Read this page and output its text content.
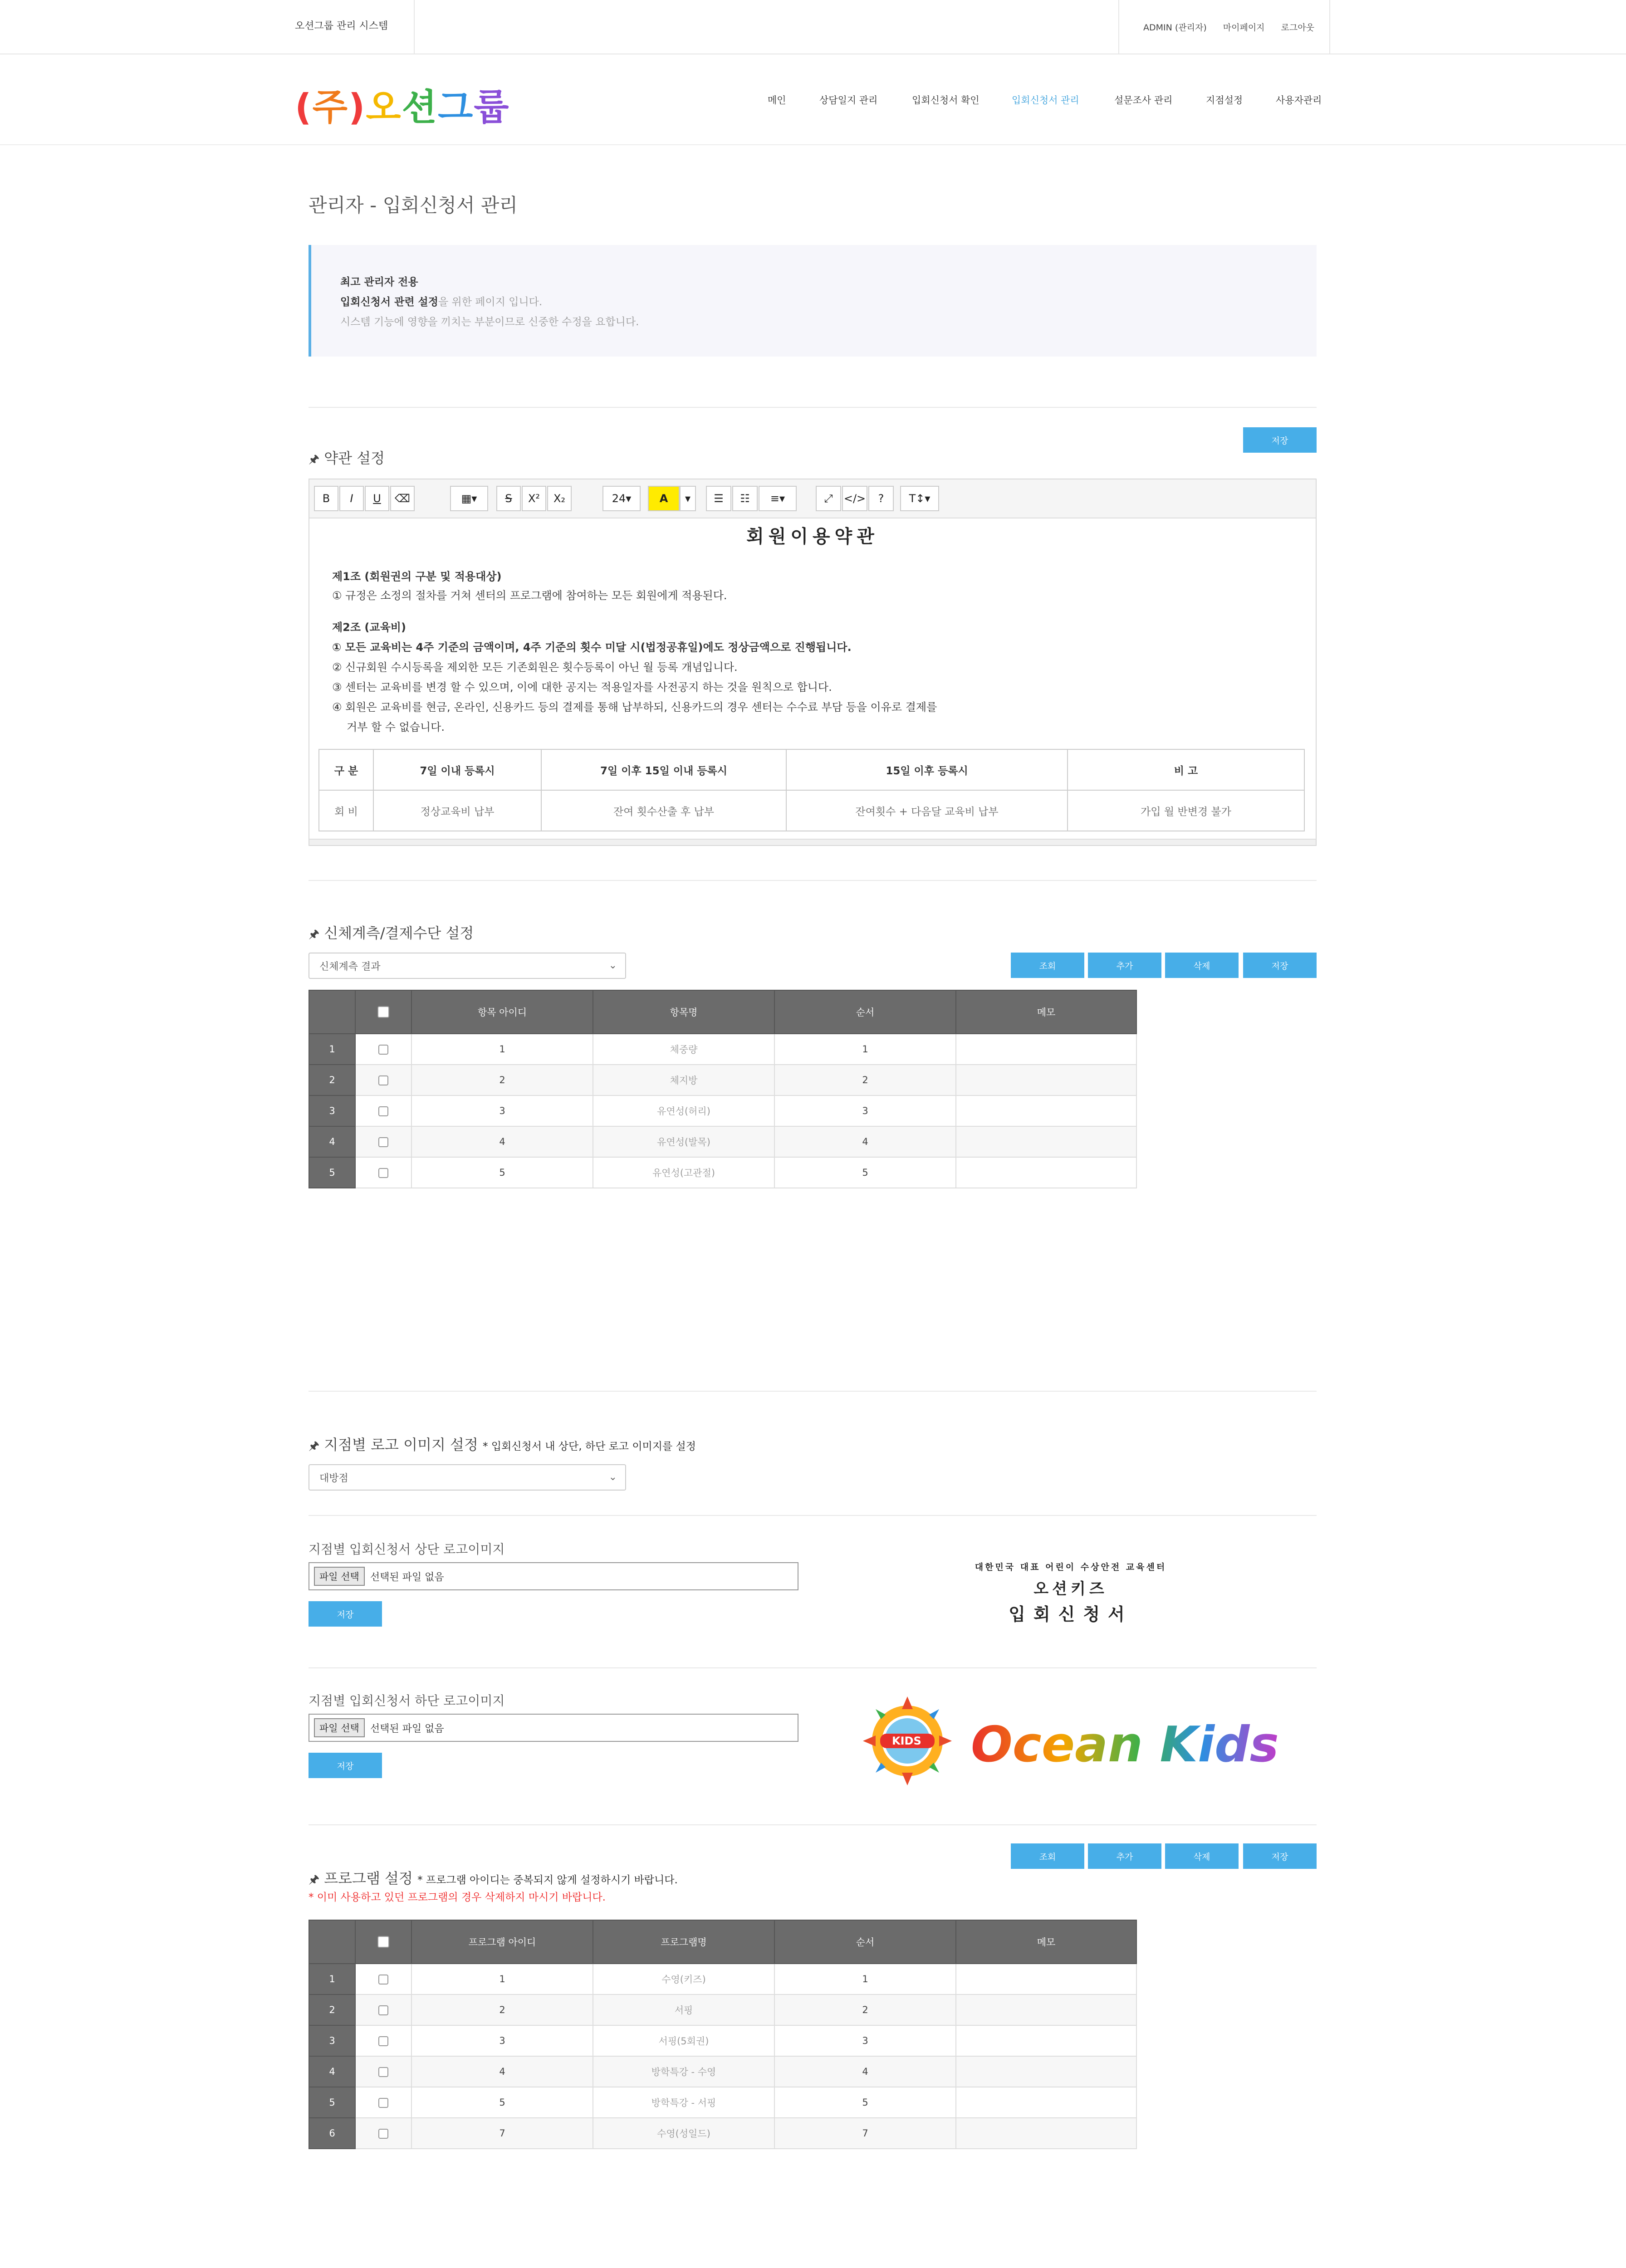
오션그룹 관리 시스템	ADMIN (관리자) 마이페이지 로그아웃
(주)오션그룹	메인	상담일지 관리	입회신청서 확인	입회신청서 관리	설문조사 관리	지점설정	사용자관리
관리자 - 입회신청서 관리
최고 관리자 전용
입회신청서 관련 설정을 위한 페이지 입니다.
시스템 기능에 영향을 끼치는 부분이므로 신중한 수정을 요합니다.
저장
🖈 약관 설정
B	I	U	⌫	▦▾	S	X²	X₂	24▾	A	▾	☰	☷	≡▾	⤢	</>	?	T↕▾
회원이용약관
제1조 (회원권의 구분 및 적용대상)
① 규정은 소정의 절차를 거쳐 센터의 프로그램에 참여하는 모든 회원에게 적용된다.
제2조 (교육비)
① 모든 교육비는 4주 기준의 금액이며, 4주 기준의 횟수 미달 시(법정공휴일)에도 정상금액으로 진행됩니다.
② 신규회원 수시등록을 제외한 모든 기존회원은 횟수등록이 아닌 월 등록 개념입니다.
③ 센터는 교육비를 변경 할 수 있으며, 이에 대한 공지는 적용일자를 사전공지 하는 것을 원칙으로 합니다.
④ 회원은 교육비를 현금, 온라인, 신용카드 등의 결제를 통해 납부하되, 신용카드의 경우 센터는 수수료 부담 등을 이유로 결제를
거부 할 수 없습니다.
구 분	7일 이내 등록시	7일 이후 15일 이내 등록시	15일 이후 등록시	비 고
회 비	정상교육비 납부	잔여 횟수산출 후 납부	잔여횟수 + 다음달 교육비 납부	가입 월 반변경 불가
🖈 신체계측/결제수단 설정
신체계측 결과	⌄	조회	추가	삭제	저장
		항목 아이디	항목명	순서	메모
1		1	체중량	1	
2		2	체지방	2	
3		3	유연성(허리)	3	
4		4	유연성(발목)	4	
5		5	유연성(고관절)	5	
🖈 지점별 로고 이미지 설정 * 입회신청서 내 상단, 하단 로고 이미지를 설정
대방점	⌄
지점별 입회신청서 상단 로고이미지
파일 선택	선택된 파일 없음
저장
대한민국 대표 어린이 수상안전 교육센터
오션키즈
입회신청서
지점별 입회신청서 하단 로고이미지
파일 선택	선택된 파일 없음
저장
KIDS Ocean Kids
조회	추가	삭제	저장
🖈 프로그램 설정 * 프로그램 아이디는 중복되지 않게 설정하시기 바랍니다.
* 이미 사용하고 있던 프로그램의 경우 삭제하지 마시기 바랍니다.
		프로그램 아이디	프로그램명	순서	메모
1		1	수영(키즈)	1	
2		2	서핑	2	
3		3	서핑(5회권)	3	
4		4	방학특강 - 수영	4	
5		5	방학특강 - 서핑	5	
6		7	수영(성일드)	7	
